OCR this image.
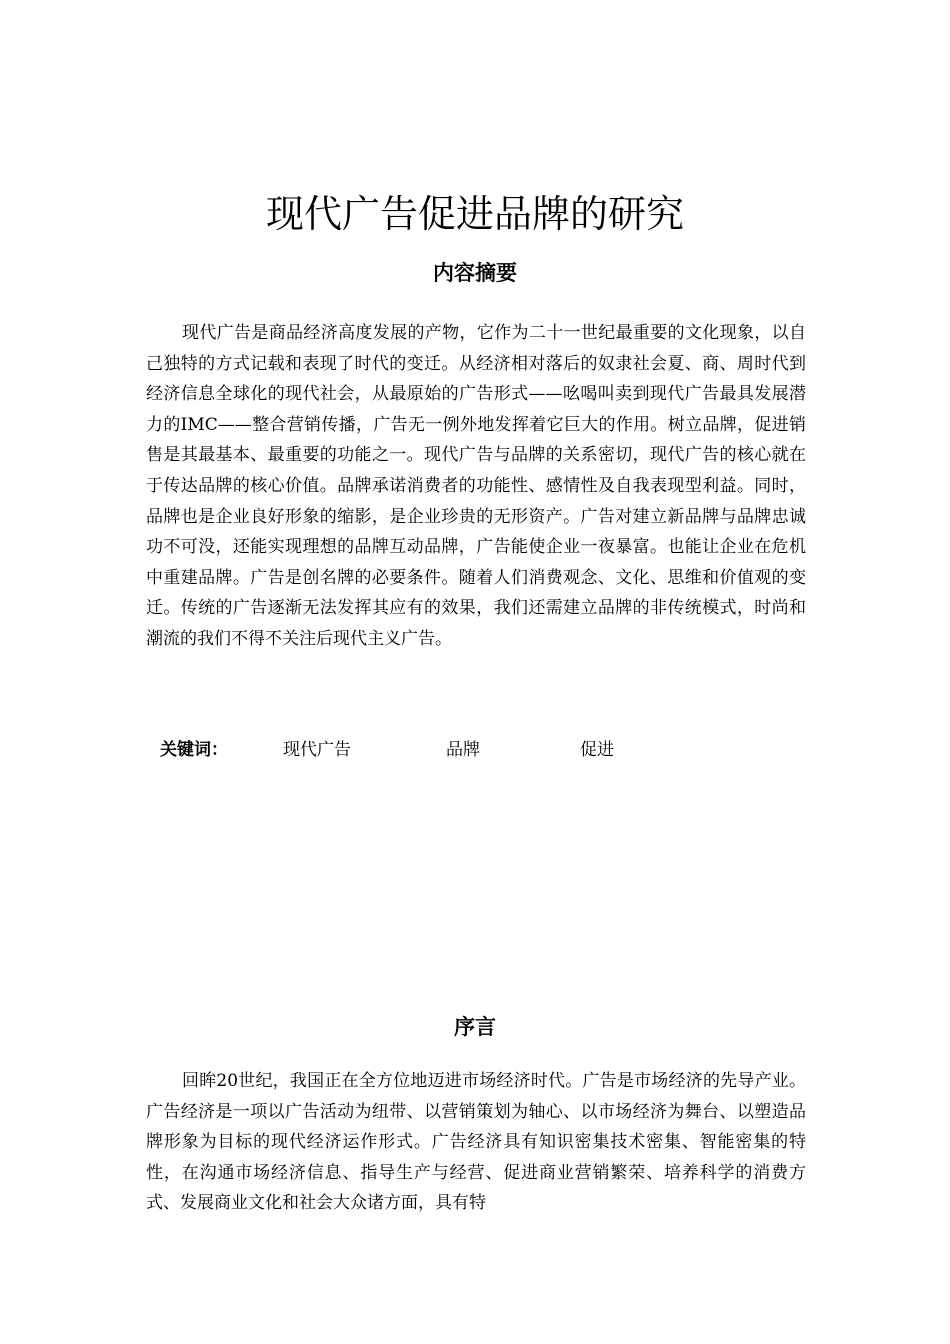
现代广告促进品牌的研究
内容摘要

现代广告是商品经济高度发展的产物，它作为二十一世纪最重要的文化现象，以自己独特的方式记载和表现了时代的变迁。从经济相对落后的奴隶社会夏、商、周时代到经济信息全球化的现代社会，从最原始的广告形式——吆喝叫卖到现代广告最具发展潜力的IMC——整合营销传播，广告无一例外地发挥着它巨大的作用。树立品牌，促进销售是其最基本、最重要的功能之一。现代广告与品牌的关系密切，现代广告的核心就在于传达品牌的核心价值。品牌承诺消费者的功能性、感情性及自我表现型利益。同时，品牌也是企业良好形象的缩影，是企业珍贵的无形资产。广告对建立新品牌与品牌忠诚功不可没，还能实现理想的品牌互动品牌，广告能使企业一夜暴富。也能让企业在危机中重建品牌。广告是创名牌的必要条件。随着人们消费观念、文化、思维和价值观的变迁。传统的广告逐渐无法发挥其应有的效果，我们还需建立品牌的非传统模式，时尚和潮流的我们不得不关注后现代主义广告。

关键词：	现代广告	品牌	促进
序言

回眸20世纪，我国正在全方位地迈进市场经济时代。广告是市场经济的先导产业。广告经济是一项以广告活动为纽带、以营销策划为轴心、以市场经济为舞台、以塑造品牌形象为目标的现代经济运作形式。广告经济具有知识密集技术密集、智能密集的特性，在沟通市场经济信息、指导生产与经营、促进商业营销繁荣、培养科学的消费方式、发展商业文化和社会大众诸方面，具有特
